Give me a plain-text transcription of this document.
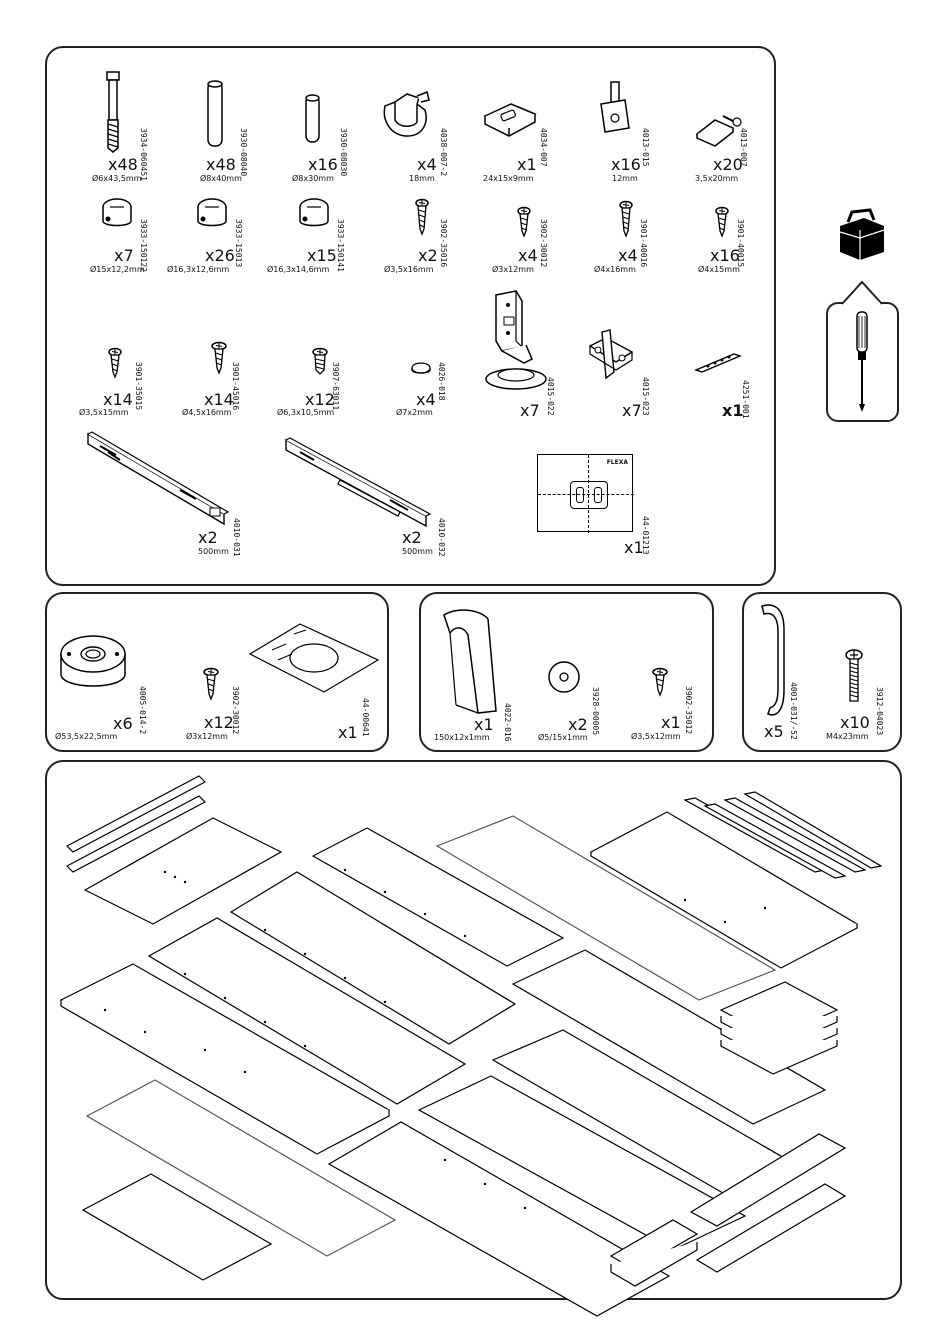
x48
Ø6x43,5mm
3934-060451	x48
Ø8x40mm
3930-08040	x16
Ø8x30mm
3930-08030	x4
18mm
4038-007-2	x1
24x15x9mm
4034-007	x16
12mm
4013-015	x20
3,5x20mm
4013-007
x7
Ø15x12,2mm
3933-150122	x26
Ø16,3x12,6mm
3933-15013	x15
Ø16,3x14,6mm 3933-150141	x2
Ø3,5x16mm
3902-35016	x4
Ø3x12mm
3902-30012	x4
Ø4x16mm
3901-40016	x16
Ø4x15mm
3901-40015
x14
Ø3,5x15mm
3901-35015	x14
Ø4,5x16mm
3901-45016	x12
Ø6,3x10,5mm
3907-63011	x4
Ø7x2mm
4026-018
x7 4015-022	x7 4015-023	x1
4251-001
x2
500mm 4010-031	x2
500mm 4010-032
FLEXA
x1
44-01213
x6
Ø53,5x22,5mm
4005-014-2	x12
Ø3x12mm
3902-30012	x1 44-00641	x1
150x12x1mm 4022-016	x2
Ø5/15x1mm
3928-00005	x1
Ø3,5x12mm
3902-35012	x5 4001-031/-52	x10
M4x23mm
3912-04023
